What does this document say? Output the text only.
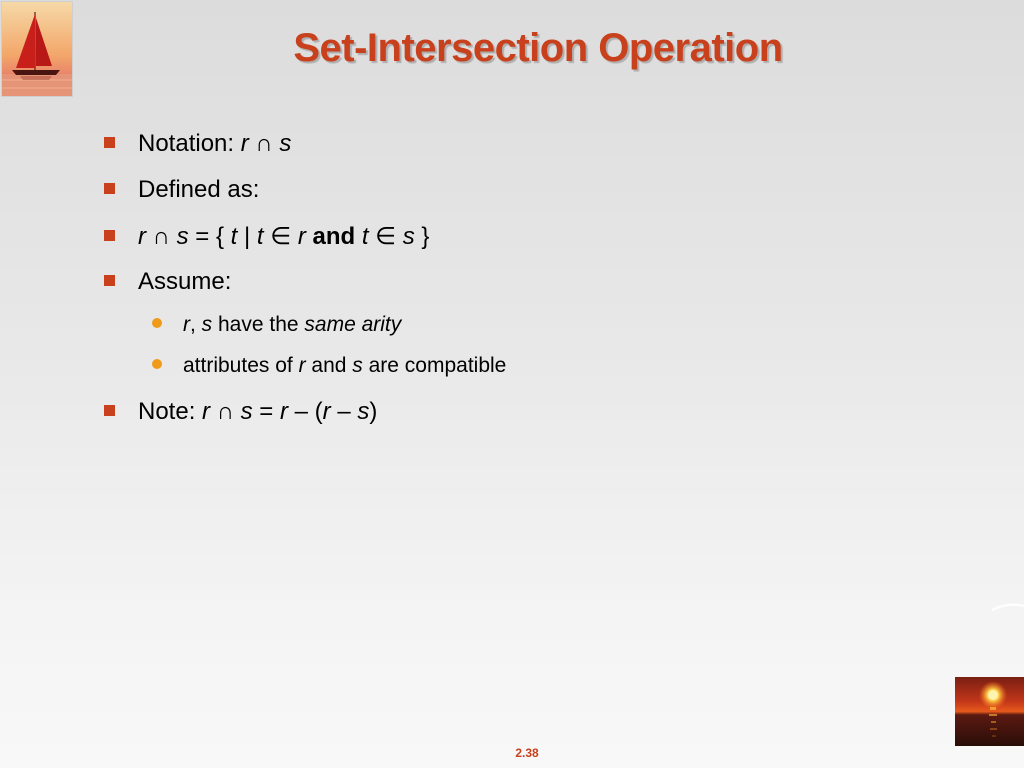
Set-Intersection Operation
Notation: r ∩ s
Defined as:
r ∩ s = { t | t ∈ r and t ∈ s }
Assume:
r , s have the same arity
attributes of r and s are compatible
Note: r ∩ s = r – ( r – s )
2.38
